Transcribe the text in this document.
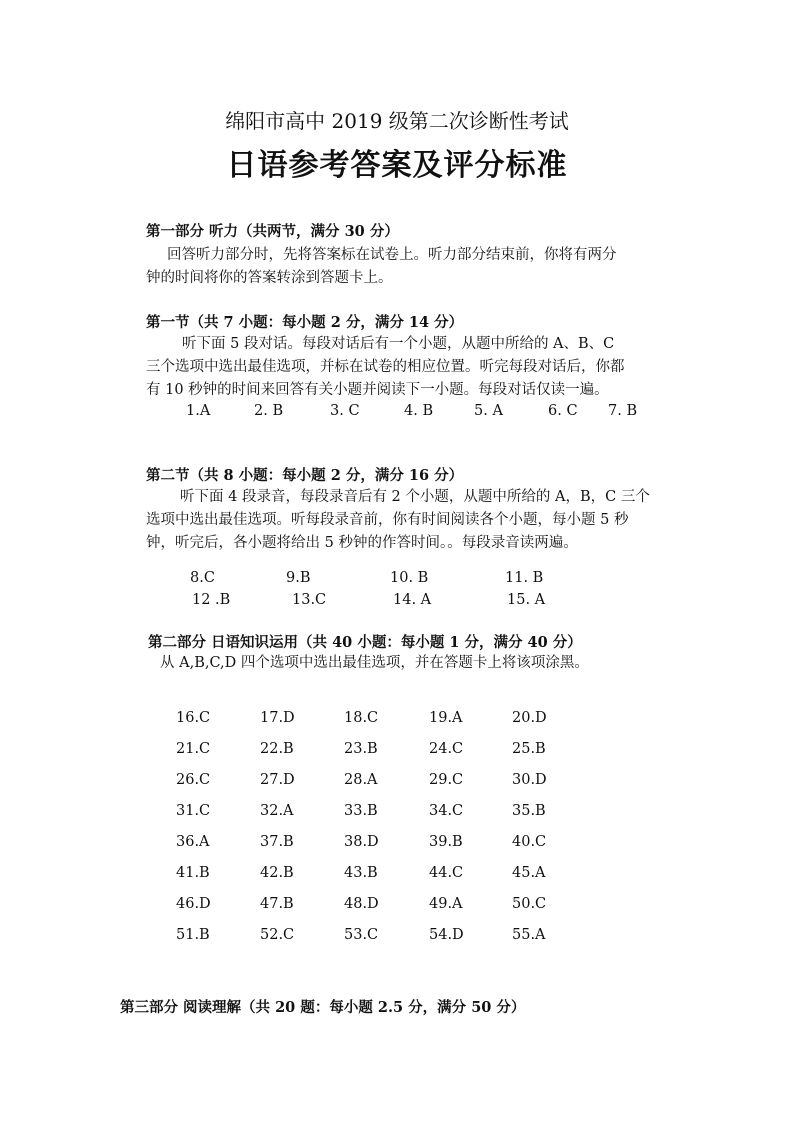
绵阳市高中 2019 级第二次诊断性考试
日语参考答案及评分标准
第一部分 听力（共两节，满分 30 分）
回答听力部分时，先将答案标在试卷上。听力部分结束前，你将有两分
钟的时间将你的答案转涂到答题卡上。
第一节（共 7 小题：每小题 2 分，满分 14 分）
听下面 5 段对话。每段对话后有一个小题，从题中所给的 A、B、C
三个选项中选出最佳选项，并标在试卷的相应位置。听完每段对话后，你都
有 10 秒钟的时间来回答有关小题并阅读下一小题。每段对话仅读一遍。
1.A	2. B	3. C	4. B	5. A	6. C 7. B
第二节（共 8 小题：每小题 2 分，满分 16 分）
听下面 4 段录音，每段录音后有 2 个小题，从题中所给的 A，B，C 三个
选项中选出最佳选项。听每段录音前，你有时间阅读各个小题，每小题 5 秒
钟，听完后，各小题将给出 5 秒钟的作答时间。。每段录音读两遍。
8.C	9.B	10. B	11. B
12 .B	13.C	14. A	15. A
第二部分 日语知识运用（共 40 小题：每小题 1 分，满分 40 分）
从 A,B,C,D 四个选项中选出最佳选项，并在答题卡上将该项涂黑。
16.C	17.D	18.C	19.A	20.D
21.C	22.B	23.B	24.C	25.B
26.C	27.D	28.A	29.C	30.D
31.C	32.A	33.B	34.C	35.B
36.A	37.B	38.D	39.B	40.C
41.B	42.B	43.B	44.C	45.A
46.D	47.B	48.D	49.A	50.C
51.B	52.C	53.C	54.D	55.A
第三部分 阅读理解（共 20 题：每小题 2.5 分，满分 50 分）
